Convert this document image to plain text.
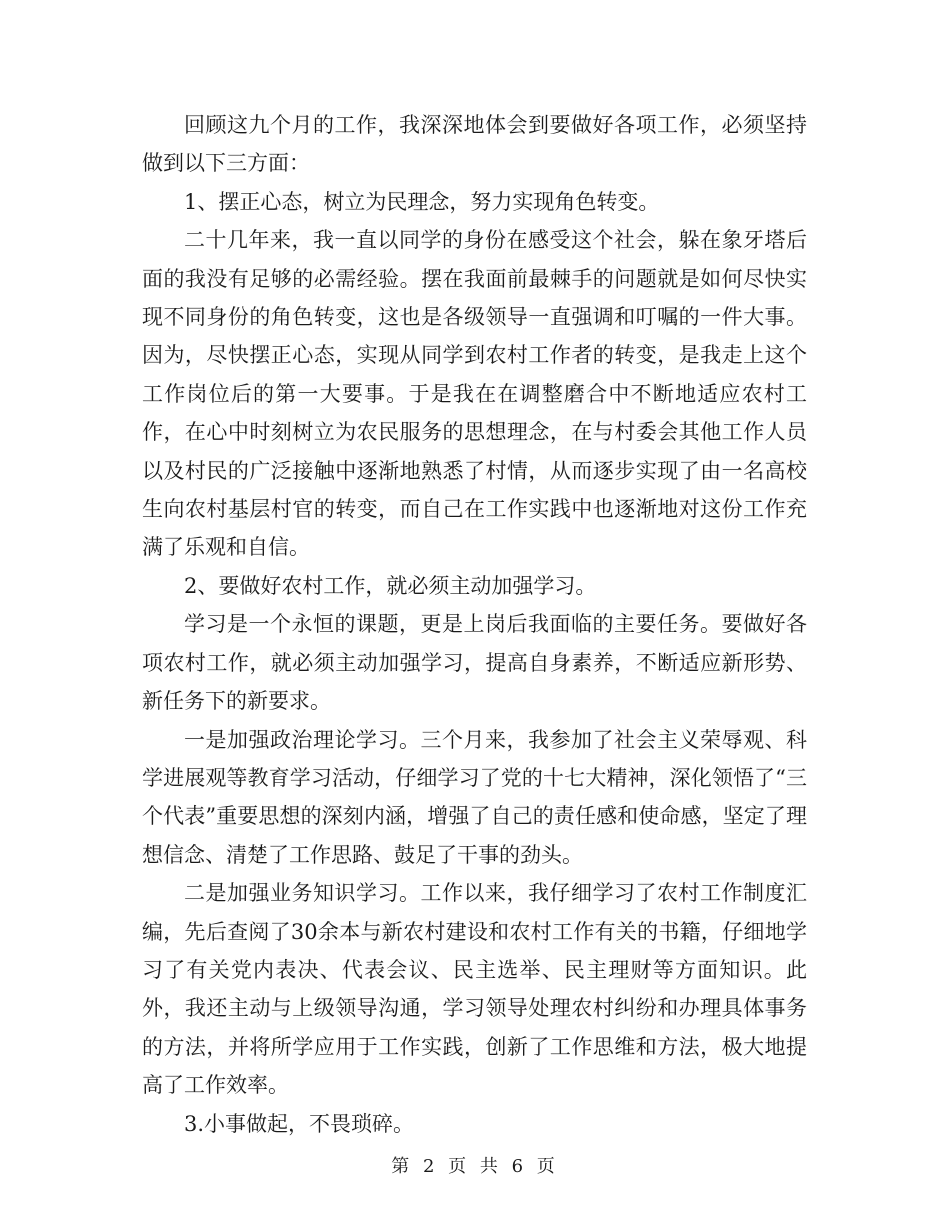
回顾这九个月的工作，我深深地体会到要做好各项工作，必须坚持做到以下三方面：

1、摆正心态，树立为民理念，努力实现角色转变。

二十几年来，我一直以同学的身份在感受这个社会，躲在象牙塔后面的我没有足够的必需经验。摆在我面前最棘手的问题就是如何尽快实现不同身份的角色转变，这也是各级领导一直强调和叮嘱的一件大事。因为，尽快摆正心态，实现从同学到农村工作者的转变，是我走上这个工作岗位后的第一大要事。于是我在在调整磨合中不断地适应农村工作，在心中时刻树立为农民服务的思想理念，在与村委会其他工作人员以及村民的广泛接触中逐渐地熟悉了村情，从而逐步实现了由一名高校生向农村基层村官的转变，而自己在工作实践中也逐渐地对这份工作充满了乐观和自信。

2、要做好农村工作，就必须主动加强学习。

学习是一个永恒的课题，更是上岗后我面临的主要任务。要做好各项农村工作，就必须主动加强学习，提高自身素养，不断适应新形势、新任务下的新要求。

一是加强政治理论学习。三个月来，我参加了社会主义荣辱观、科学进展观等教育学习活动，仔细学习了党的十七大精神，深化领悟了“三个代表”重要思想的深刻内涵，增强了自己的责任感和使命感，坚定了理想信念、清楚了工作思路、鼓足了干事的劲头。

二是加强业务知识学习。工作以来，我仔细学习了农村工作制度汇编，先后查阅了30余本与新农村建设和农村工作有关的书籍，仔细地学习了有关党内表决、代表会议、民主选举、民主理财等方面知识。此外，我还主动与上级领导沟通，学习领导处理农村纠纷和办理具体事务的方法，并将所学应用于工作实践，创新了工作思维和方法，极大地提高了工作效率。

3.小事做起，不畏琐碎。

第 2 页 共 6 页
